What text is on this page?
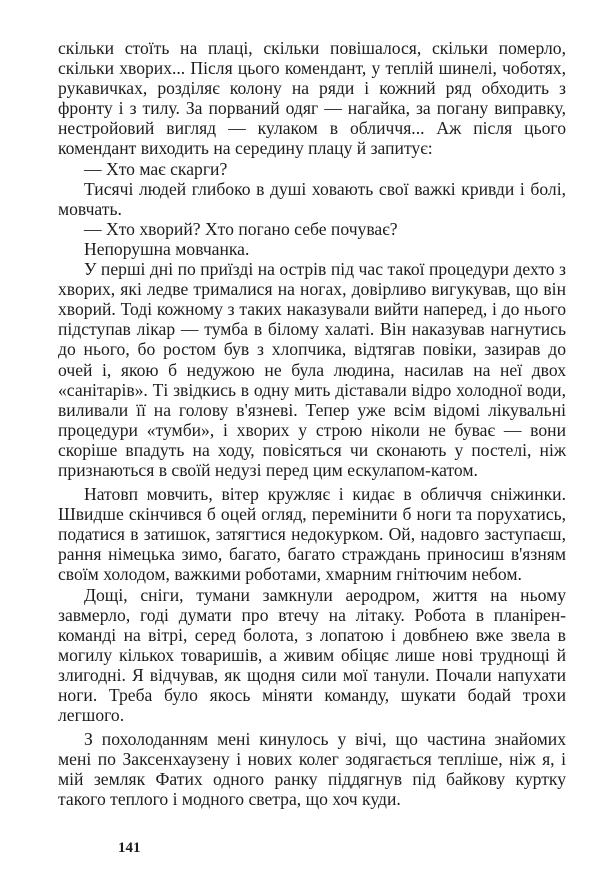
скільки стоїть на плаці, скільки повішалося, скільки померло, скільки хворих... Після цього комендант, у теплій шинелі, чоботях, рукавичках, розділяє колону на ряди і кожний ряд обходить з фронту і з тилу. За порваний одяг — нагайка, за погану виправку, нестройовий вигляд — кулаком в обличчя... Аж після цього комендант виходить на середину плацу й запитує:

— Хто має скарги?

Тисячі людей глибоко в душі ховають свої важкі кривди і болі, мовчать.

— Хто хворий? Хто погано себе почуває?

Непорушна мовчанка.

У перші дні по приїзді на острів під час такої процедури дехто з хворих, які ледве трималися на ногах, довірливо вигукував, що він хворий. Тоді кожному з таких наказували вийти наперед, і до нього підступав лікар — тумба в білому халаті. Він наказував нагнутись до нього, бо ростом був з хлопчика, відтягав повіки, зазирав до очей і, якою б недужою не була людина, насилав на неї двох «санітарів». Ті звідкись в одну мить діставали відро холодної води, виливали її на голову в'язневі. Тепер уже всім відомі лікувальні процедури «тумби», і хворих у строю ніколи не буває — вони скоріше впадуть на ходу, повісяться чи сконають у постелі, ніж признаються в своїй недузі перед цим ескулапом-катом.

Натовп мовчить, вітер кружляє і кидає в обличчя сніжинки. Швидше скінчився б оцей огляд, перемінити б ноги та порухатись, податися в затишок, затягтися недокурком. Ой, надовго заступаєш, рання німецька зимо, багато, багато страждань приносиш в'язням своїм холодом, важкими роботами, хмарним гнітючим небом.

Дощі, сніги, тумани замкнули аеродром, життя на ньому завмерло, годі думати про втечу на літаку. Робота в планірен-команді на вітрі, серед болота, з лопатою і довбнею вже звела в могилу кількох товаришів, а живим обіцяє лише нові труднощі й злигодні. Я відчував, як щодня сили мої танули. Почали напухати ноги. Треба було якось міняти команду, шукати бодай трохи легшого.

З похолоданням мені кинулось у вічі, що частина знайомих мені по Заксенхаузену і нових колег зодягається тепліше, ніж я, і мій земляк Фатих одного ранку піддягнув під байкову куртку такого теплого і модного светра, що хоч куди.

141
